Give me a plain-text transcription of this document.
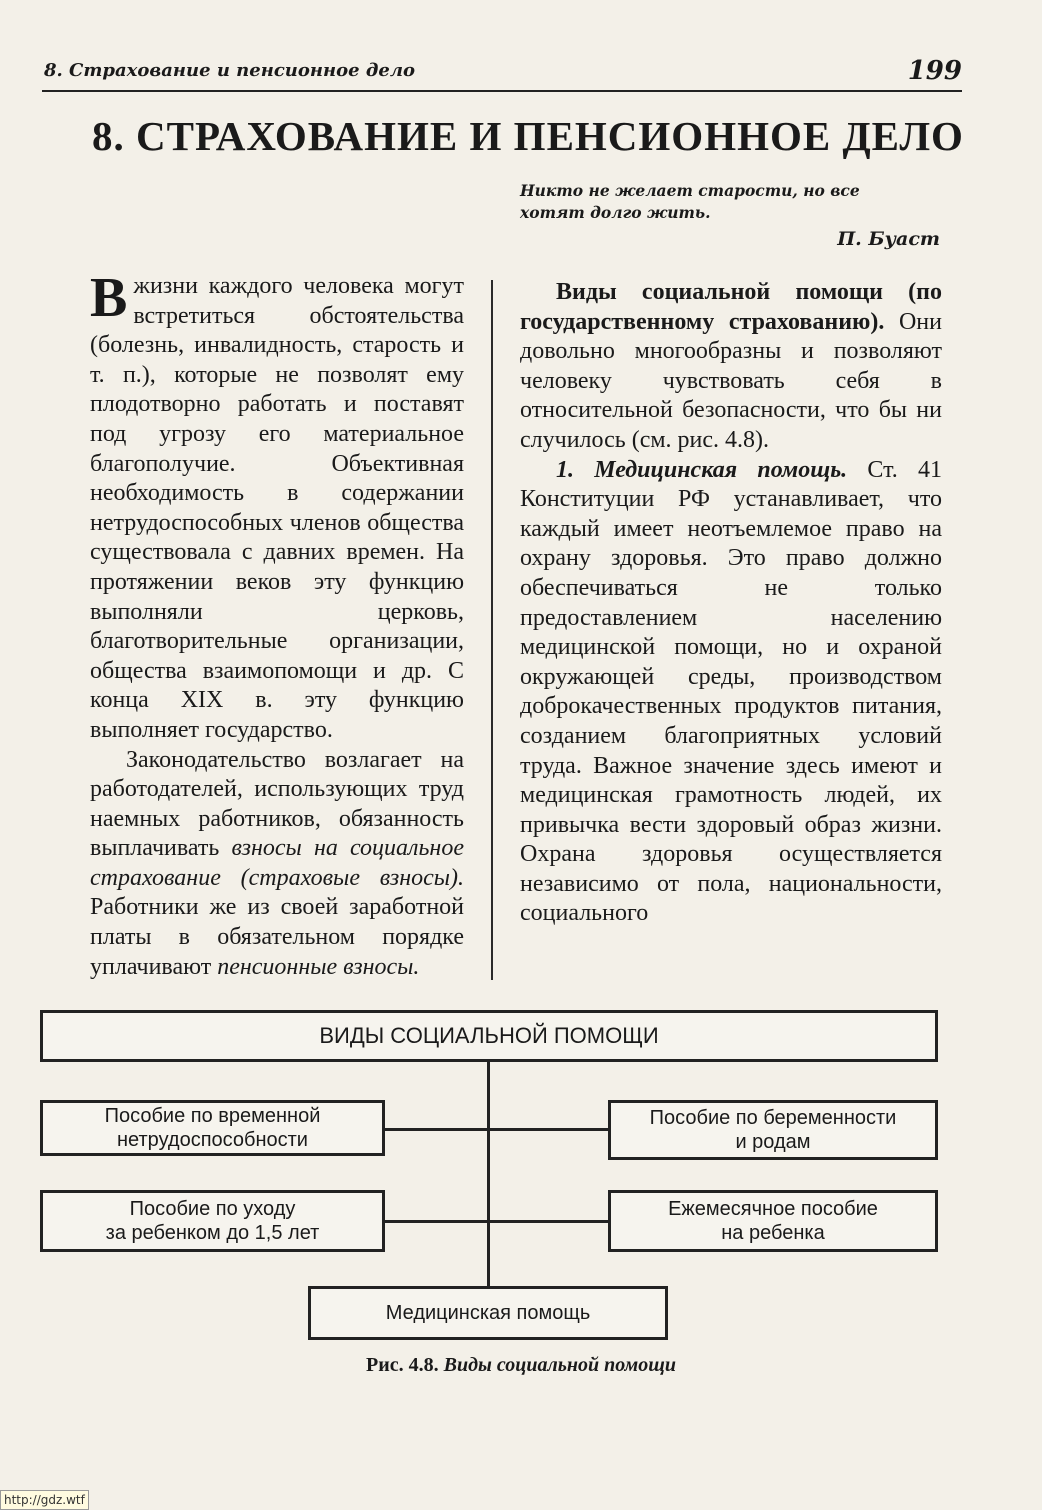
8. Страхование и пенсионное дело	199
8. СТРАХОВАНИЕ И ПЕНСИОННОЕ ДЕЛО
Никто не желает старости, но все
хотят долго жить.
П. Буаст

В жизни каждого человека могут встретиться обстоятельства (болезнь, инвалидность, старость и т. п.), которые не позволят ему плодотворно работать и поставят под угрозу его материальное благополучие. Объективная необходимость в содержании нетрудоспособных членов общества существовала с давних времен. На протяжении веков эту функцию выполняли церковь, благотворительные организации, общества взаимопомощи и др. С конца XIX в. эту функцию выполняет государство.

Законодательство возлагает на работодателей, использующих труд наемных работников, обязанность выплачивать взносы на социальное страхование (страховые взносы). Работники же из своей заработной платы в обязательном порядке уплачивают пенсионные взносы.

Виды социальной помощи (по государственному страхованию). Они довольно многообразны и позволяют человеку чувствовать себя в относительной безопасности, что бы ни случилось (см. рис. 4.8).

1. Медицинская помощь. Ст. 41 Конституции РФ устанавливает, что каждый имеет неотъемлемое право на охрану здоровья. Это право должно обеспечиваться не только предоставлением населению медицинской помощи, но и охраной окружающей среды, производством доброкачественных продуктов питания, созданием благоприятных условий труда. Важное значение здесь имеют и медицинская грамотность людей, их привычка вести здоровый образ жизни. Охрана здоровья осуществляется независимо от пола, национальности, социального

ВИДЫ СОЦИАЛЬНОЙ ПОМОЩИ
Пособие по временной
нетрудоспособности
Пособие по беременности
и родам
Пособие по уходу
за ребенком до 1,5 лет
Ежемесячное пособие
на ребенка
Медицинская помощь
Рис. 4.8. Виды социальной помощи
http://gdz.wtf
